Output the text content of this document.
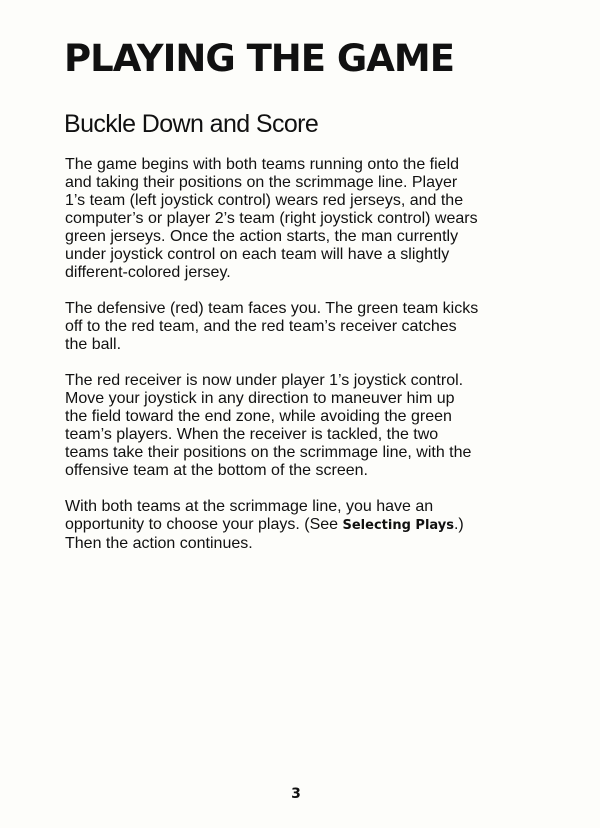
PLAYING THE GAME
Buckle Down and Score

The game begins with both teams running onto the field
and taking their positions on the scrimmage line. Player
1’s team (left joystick control) wears red jerseys, and the
computer’s or player 2’s team (right joystick control) wears
green jerseys. Once the action starts, the man currently
under joystick control on each team will have a slightly
different-colored jersey.

The defensive (red) team faces you. The green team kicks
off to the red team, and the red team’s receiver catches
the ball.

The red receiver is now under player 1’s joystick control.
Move your joystick in any direction to maneuver him up
the field toward the end zone, while avoiding the green
team’s players. When the receiver is tackled, the two
teams take their positions on the scrimmage line, with the
offensive team at the bottom of the screen.

With both teams at the scrimmage line, you have an
opportunity to choose your plays. (See Selecting Plays.)
Then the action continues.

3
